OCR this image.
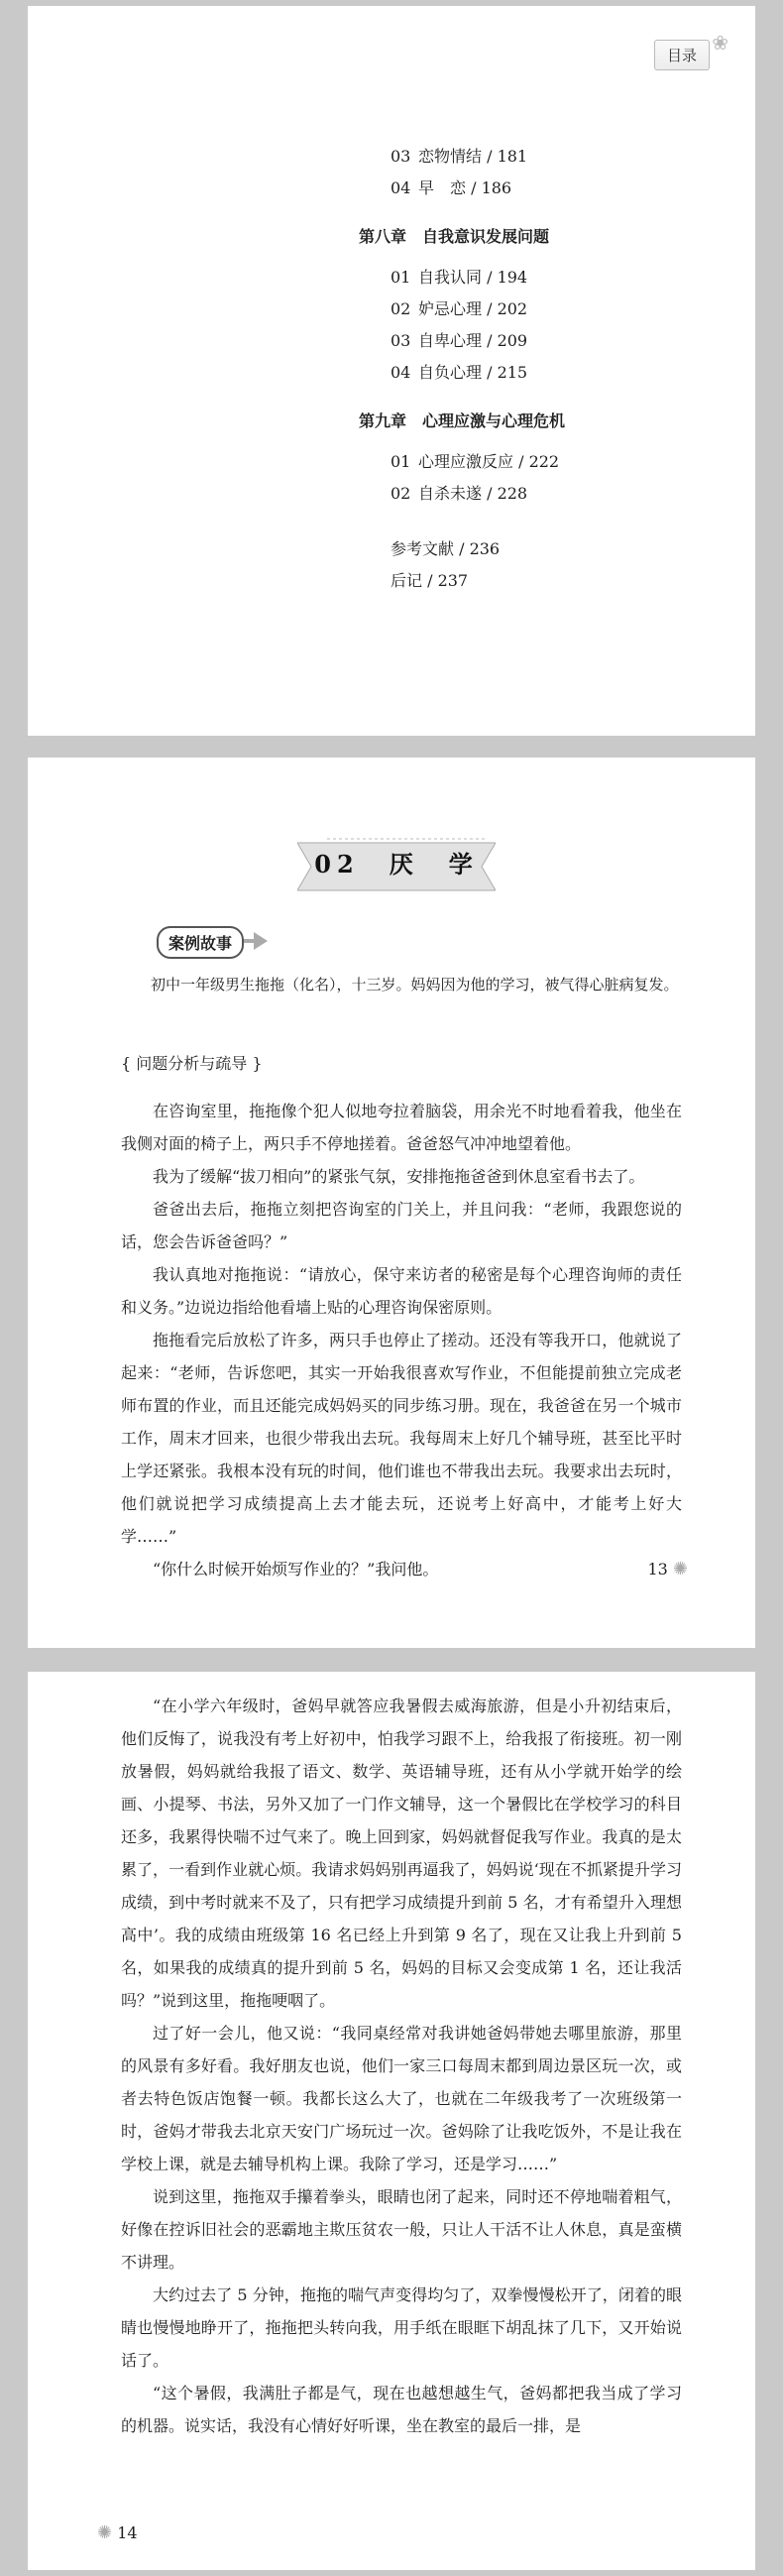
目录 ❀
03 恋物情结 / 181
04 早　恋 / 186
第八章　自我意识发展问题
01 自我认同 / 194
02 妒忌心理 / 202
03 自卑心理 / 209
04 自负心理 / 215
第九章　心理应激与心理危机
01 心理应激反应 / 222
02 自杀未遂 / 228
参考文献 / 236
后记 / 237
02　厌　学
案例故事

初中一年级男生拖拖（化名），十三岁。妈妈因为他的学习，被气得心脏病复发。

{ 问题分析与疏导 }

在咨询室里，拖拖像个犯人似地夸拉着脑袋，用余光不时地看着我，他坐在我侧对面的椅子上，两只手不停地搓着。爸爸怒气冲冲地望着他。

我为了缓解“拔刀相向”的紧张气氛，安排拖拖爸爸到休息室看书去了。

爸爸出去后，拖拖立刻把咨询室的门关上，并且问我：“老师，我跟您说的话，您会告诉爸爸吗？”

我认真地对拖拖说：“请放心，保守来访者的秘密是每个心理咨询师的责任和义务。”边说边指给他看墙上贴的心理咨询保密原则。

拖拖看完后放松了许多，两只手也停止了搓动。还没有等我开口，他就说了起来：“老师，告诉您吧，其实一开始我很喜欢写作业，不但能提前独立完成老师布置的作业，而且还能完成妈妈买的同步练习册。现在，我爸爸在另一个城市工作，周末才回来，也很少带我出去玩。我每周末上好几个辅导班，甚至比平时上学还紧张。我根本没有玩的时间，他们谁也不带我出去玩。我要求出去玩时，他们就说把学习成绩提高上去才能去玩，还说考上好高中，才能考上好大学……”

“你什么时候开始烦写作业的？”我问他。	13 ✺

“在小学六年级时，爸妈早就答应我暑假去威海旅游，但是小升初结束后，他们反悔了，说我没有考上好初中，怕我学习跟不上，给我报了衔接班。初一刚放暑假，妈妈就给我报了语文、数学、英语辅导班，还有从小学就开始学的绘画、小提琴、书法，另外又加了一门作文辅导，这一个暑假比在学校学习的科目还多，我累得快喘不过气来了。晚上回到家，妈妈就督促我写作业。我真的是太累了，一看到作业就心烦。我请求妈妈别再逼我了，妈妈说‘现在不抓紧提升学习成绩，到中考时就来不及了，只有把学习成绩提升到前 5 名，才有希望升入理想高中’。我的成绩由班级第 16 名已经上升到第 9 名了，现在又让我上升到前 5 名，如果我的成绩真的提升到前 5 名，妈妈的目标又会变成第 1 名，还让我活吗？”说到这里，拖拖哽咽了。

过了好一会儿，他又说：“我同桌经常对我讲她爸妈带她去哪里旅游，那里的风景有多好看。我好朋友也说，他们一家三口每周末都到周边景区玩一次，或者去特色饭店饱餐一顿。我都长这么大了，也就在二年级我考了一次班级第一时，爸妈才带我去北京天安门广场玩过一次。爸妈除了让我吃饭外，不是让我在学校上课，就是去辅导机构上课。我除了学习，还是学习……”

说到这里，拖拖双手攥着拳头，眼睛也闭了起来，同时还不停地喘着粗气，好像在控诉旧社会的恶霸地主欺压贫农一般，只让人干活不让人休息，真是蛮横不讲理。

大约过去了 5 分钟，拖拖的喘气声变得均匀了，双拳慢慢松开了，闭着的眼睛也慢慢地睁开了，拖拖把头转向我，用手纸在眼眶下胡乱抹了几下，又开始说话了。

“这个暑假，我满肚子都是气，现在也越想越生气，爸妈都把我当成了学习的机器。说实话，我没有心情好好听课，坐在教室的最后一排，是

✺ 14
